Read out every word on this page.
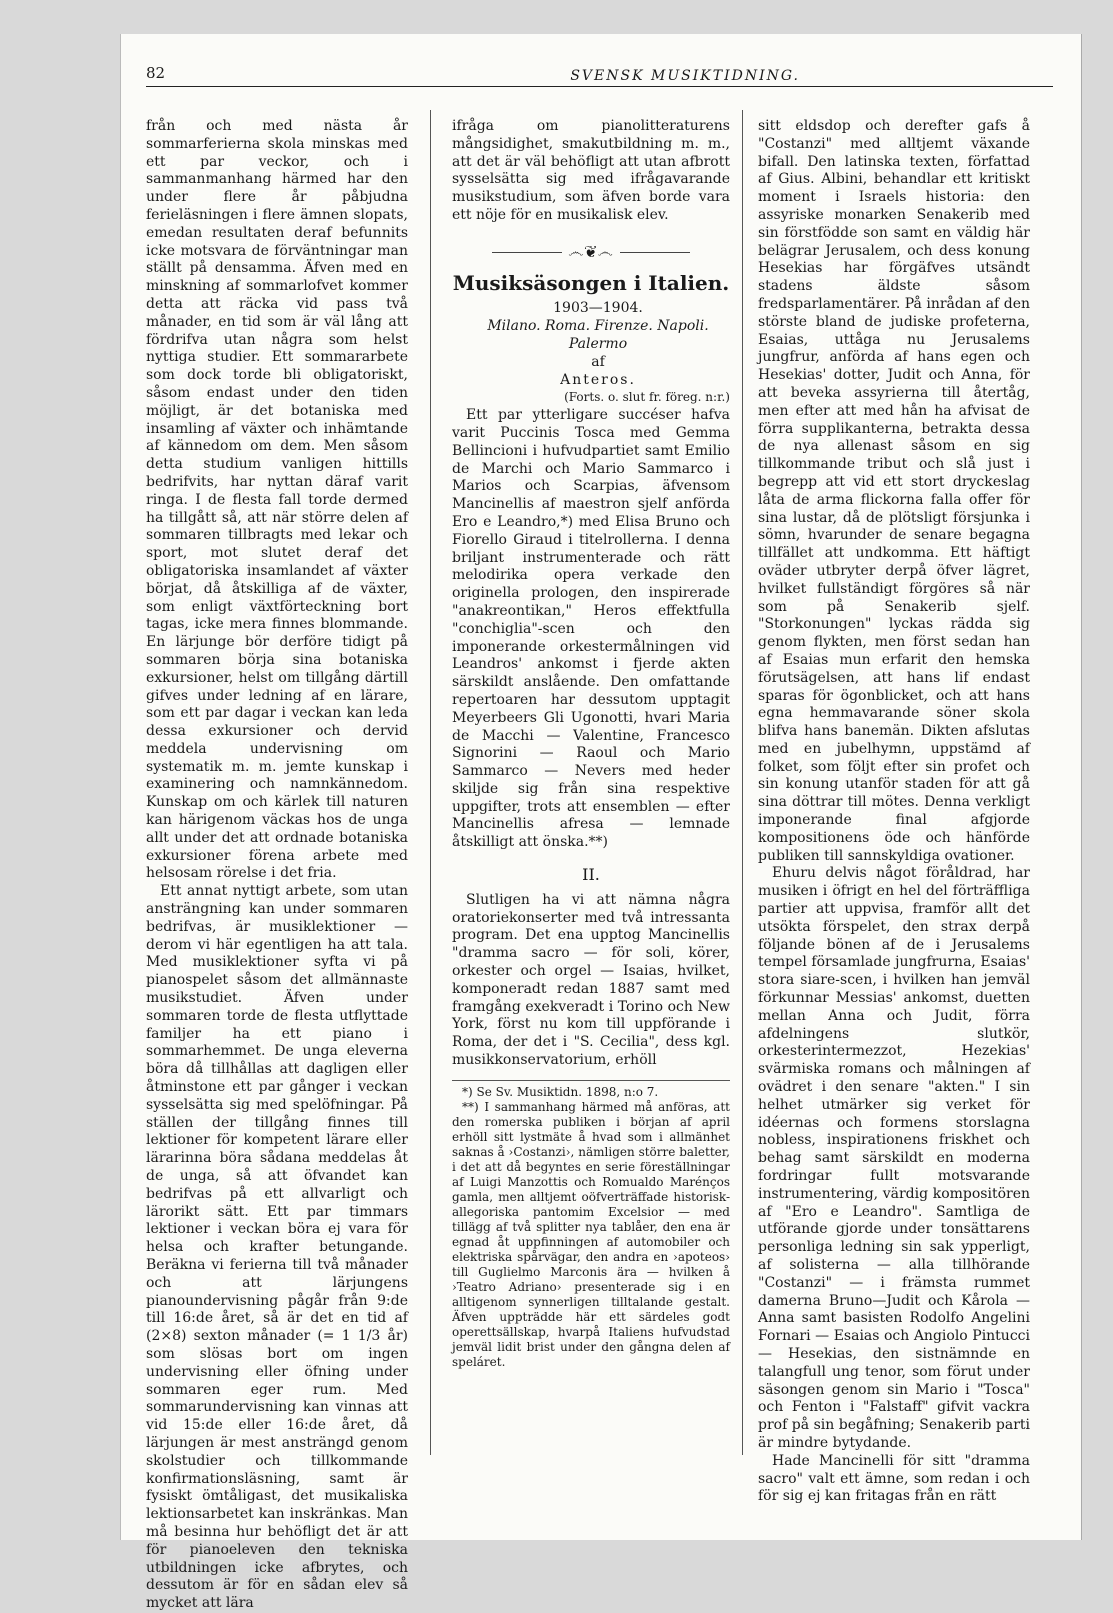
82	SVENSK MUSIKTIDNING.

från och med nästa år sommarferierna skola minskas med ett par veckor, och i sammanmanhang härmed har den under flere år påbjudna ferieläsningen i flere ämnen slopats, emedan resultaten deraf befunnits icke motsvara de förväntningar man ställt på densamma. Äfven med en minskning af sommarlofvet kommer detta att räcka vid pass två månader, en tid som är väl lång att fördrifva utan några som helst nyttiga studier. Ett sommararbete som dock torde bli obligatoriskt, såsom endast under den tiden möjligt, är det botaniska med insamling af växter och inhämtande af kännedom om dem. Men såsom detta studium vanligen hittills bedrifvits, har nyttan däraf varit ringa. I de flesta fall torde dermed ha tillgått så, att när större delen af sommaren tillbragts med lekar och sport, mot slutet deraf det obligatoriska insamlandet af växter börjat, då åtskilliga af de växter, som enligt växtförteckning bort tagas, icke mera finnes blommande. En lärjunge bör derföre tidigt på sommaren börja sina botaniska exkursioner, helst om tillgång därtill gifves under ledning af en lärare, som ett par dagar i veckan kan leda dessa exkursioner och dervid meddela undervisning om systematik m. m. jemte kunskap i examinering och namnkännedom. Kunskap om och kärlek till naturen kan härigenom väckas hos de unga allt under det att ordnade botaniska exkursioner förena arbete med helsosam rörelse i det fria.

Ett annat nyttigt arbete, som utan ansträngning kan under sommaren bedrifvas, är musiklektioner — derom vi här egentligen ha att tala. Med musiklektioner syfta vi på pianospelet såsom det allmännaste musikstudiet. Äfven under sommaren torde de flesta utflyttade familjer ha ett piano i sommarhemmet. De unga eleverna böra då tillhållas att dagligen eller åtminstone ett par gånger i veckan sysselsätta sig med spelöfningar. På ställen der tillgång finnes till lektioner för kompetent lärare eller lärarinna böra sådana meddelas åt de unga, så att öfvandet kan bedrifvas på ett allvarligt och lärorikt sätt. Ett par timmars lektioner i veckan böra ej vara för helsa och krafter betungande. Beräkna vi ferierna till två månader och att lärjungens pianoundervisning pågår från 9:de till 16:de året, så är det en tid af (2×8) sexton månader (= 1 1/3 år) som slösas bort om ingen undervisning eller öfning under sommaren eger rum. Med sommarundervisning kan vinnas att vid 15:de eller 16:de året, då lärjungen är mest ansträngd genom skolstudier och tillkommande konfirmationsläsning, samt är fysiskt ömtåligast, det musikaliska lektionsarbetet kan inskränkas. Man må besinna hur behöfligt det är att för pianoeleven den tekniska utbildningen icke afbrytes, och dessutom är för en sådan elev så mycket att lära

ifråga om pianolitteraturens mångsidighet, smakutbildning m. m., att det är väl behöfligt att utan afbrott sysselsätta sig med ifrågavarande musikstudium, som äfven borde vara ett nöje för en musikalisk elev.

෴❦෴
Musiksäsongen i Italien.

1903—1904.

Milano. Roma. Firenze. Napoli.

Palermo

af

Anteros.

(Forts. o. slut fr. föreg. n:r.)

Ett par ytterligare succéser hafva varit Puccinis Tosca med Gemma Bellincioni i hufvudpartiet samt Emilio de Marchi och Mario Sammarco i Marios och Scarpias, äfvensom Mancinellis af maestron sjelf anförda Ero e Leandro,*) med Elisa Bruno och Fiorello Giraud i titelrollerna. I denna briljant instrumenterade och rätt melodirika opera verkade den originella prologen, den inspirerade "anakreontikan," Heros effektfulla "conchiglia"-scen och den imponerande orkestermålningen vid Leandros' ankomst i fjerde akten särskildt anslående. Den omfattande repertoaren har dessutom upptagit Meyerbeers Gli Ugonotti, hvari Maria de Macchi — Valentine, Francesco Signorini — Raoul och Mario Sammarco — Nevers med heder skiljde sig från sina respektive uppgifter, trots att ensemblen — efter Mancinellis afresa — lemnade åtskilligt att önska.**)

II.

Slutligen ha vi att nämna några oratoriekonserter med två intressanta program. Det ena upptog Mancinellis "dramma sacro — för soli, körer, orkester och orgel — Isaias, hvilket, komponeradt redan 1887 samt med framgång exekveradt i Torino och New York, först nu kom till uppförande i Roma, der det i "S. Cecilia", dess kgl. musikkonservatorium, erhöll

*) Se Sv. Musiktidn. 1898, n:o 7.

**) I sammanhang härmed må anföras, att den romerska publiken i början af april erhöll sitt lystmäte å hvad som i allmänhet saknas å ›Costanzi›, nämligen större baletter, i det att då begyntes en serie föreställningar af Luigi Manzottis och Romualdo Marénços gamla, men alltjemt oöfverträffade historisk-allegoriska pantomim Excelsior — med tillägg af två splitter nya tablåer, den ena är egnad åt uppfinningen af automobiler och elektriska spårvägar, den andra en ›apoteos› till Guglielmo Marconis ära — hvilken å ›Teatro Adriano› presenterade sig i en alltigenom synnerligen tilltalande gestalt. Äfven uppträdde här ett särdeles godt operettsällskap, hvarpå Italiens hufvudstad jemväl lidit brist under den gångna delen af speláret.

sitt eldsdop och derefter gafs å "Costanzi" med alltjemt växande bifall. Den latinska texten, författad af Gius. Albini, behandlar ett kritiskt moment i Israels historia: den assyriske monarken Senakerib med sin förstfödde son samt en väldig här belägrar Jerusalem, och dess konung Hesekias har förgäfves utsändt stadens äldste såsom fredsparlamentärer. På inrådan af den störste bland de judiske profeterna, Esaias, uttåga nu Jerusalems jungfrur, anförda af hans egen och Hesekias' dotter, Judit och Anna, för att beveka assyrierna till återtåg, men efter att med hån ha afvisat de förra supplikanterna, betrakta dessa de nya allenast såsom en sig tillkommande tribut och slå just i begrepp att vid ett stort dryckeslag låta de arma flickorna falla offer för sina lustar, då de plötsligt försjunka i sömn, hvarunder de senare begagna tillfället att undkomma. Ett häftigt oväder utbryter derpå öfver lägret, hvilket fullständigt förgöres så när som på Senakerib sjelf. "Storkonungen" lyckas rädda sig genom flykten, men först sedan han af Esaias mun erfarit den hemska förutsägelsen, att hans lif endast sparas för ögonblicket, och att hans egna hemmavarande söner skola blifva hans banemän. Dikten afslutas med en jubelhymn, uppstämd af folket, som följt efter sin profet och sin konung utanför staden för att gå sina döttrar till mötes. Denna verkligt imponerande final afgjorde kompositionens öde och hänförde publiken till sannskyldiga ovationer.

Ehuru delvis något föråldrad, har musiken i öfrigt en hel del förträffliga partier att uppvisa, framför allt det utsökta förspelet, den strax derpå följande bönen af de i Jerusalems tempel församlade jungfrurna, Esaias' stora siare-scen, i hvilken han jemväl förkunnar Messias' ankomst, duetten mellan Anna och Judit, förra afdelningens slutkör, orkesterintermezzot, Hezekias' svärmiska romans och målningen af ovädret i den senare "akten." I sin helhet utmärker sig verket för idéernas och formens storslagna nobless, inspirationens friskhet och behag samt särskildt en moderna fordringar fullt motsvarande instrumentering, värdig kompositören af "Ero e Leandro". Samtliga de utförande gjorde under tonsättarens personliga ledning sin sak ypperligt, af solisterna — alla tillhörande "Costanzi" — i främsta rummet damerna Bruno—Judit och Kårola — Anna samt basisten Rodolfo Angelini Fornari — Esaias och Angiolo Pintucci — Hesekias, den sistnämnde en talangfull ung tenor, som förut under säsongen genom sin Mario i "Tosca" och Fenton i "Falstaff" gifvit vackra prof på sin begåfning; Senakerib parti är mindre bytydande.

Hade Mancinelli för sitt "dramma sacro" valt ett ämne, som redan i och för sig ej kan fritagas från en rätt
